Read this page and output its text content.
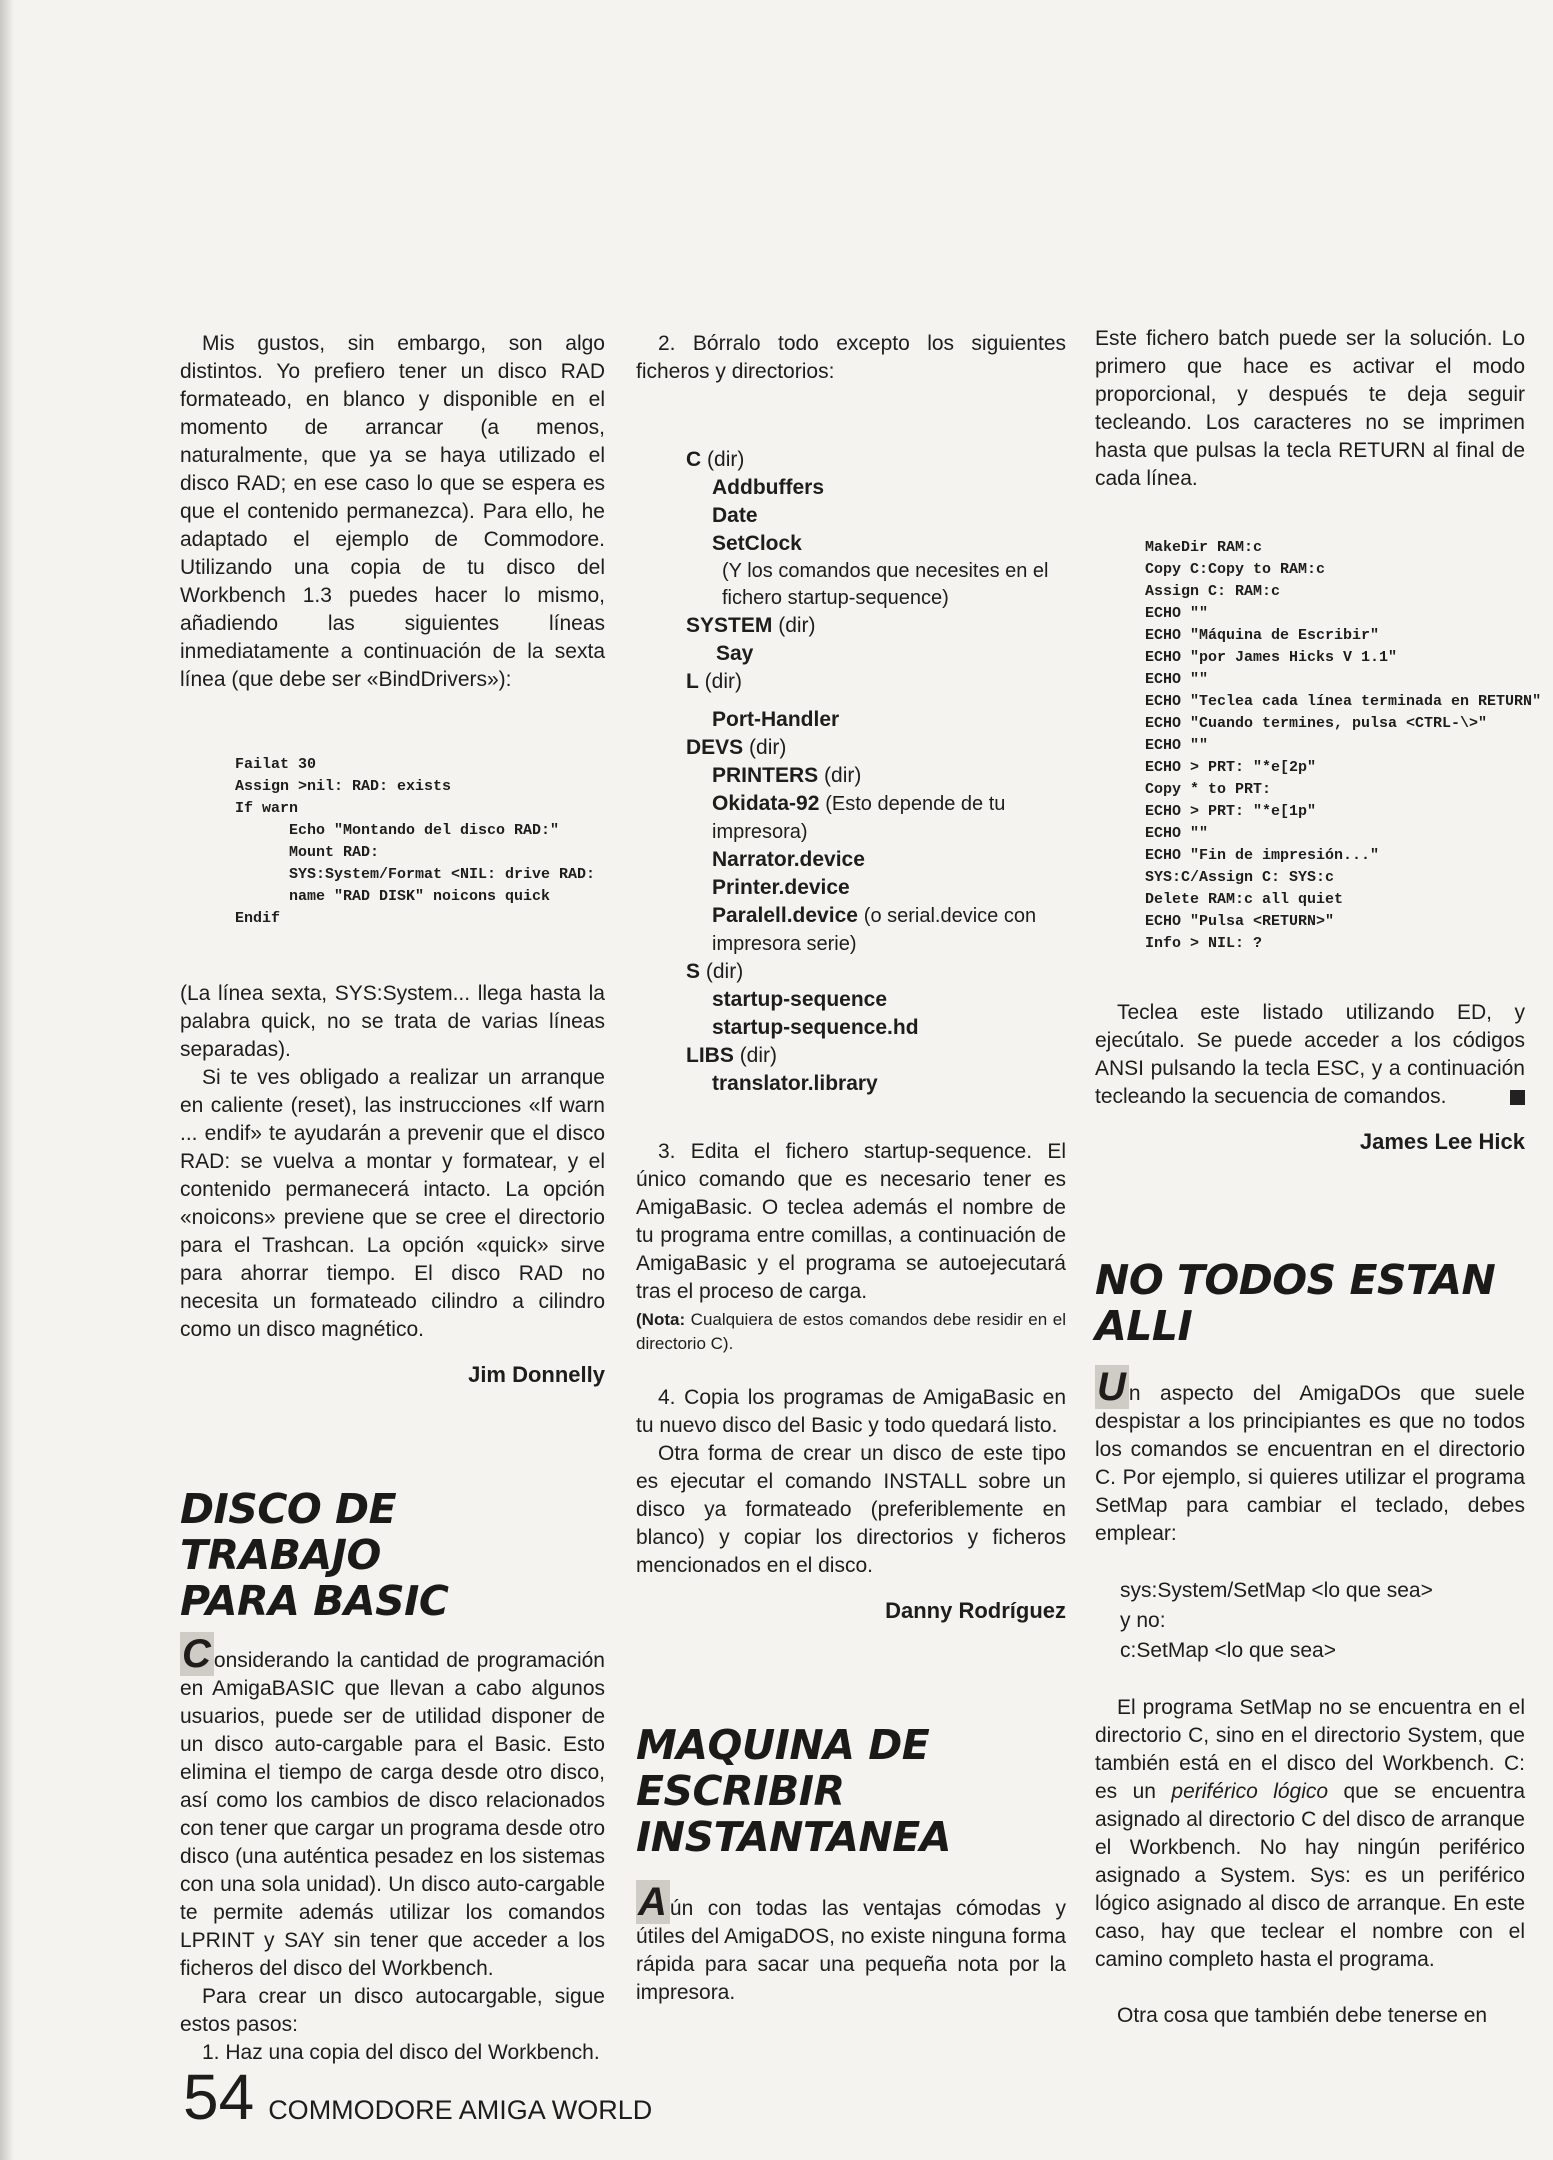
Mis gustos, sin embargo, son algo distintos. Yo prefiero tener un disco RAD formateado, en blanco y disponible en el momento de arrancar (a menos, naturalmente, que ya se haya utilizado el disco RAD; en ese caso lo que se espera es que el contenido permanezca). Para ello, he adaptado el ejemplo de Commodore. Utilizando una copia de tu disco del Workbench 1.3 puedes hacer lo mismo, añadiendo las siguientes líneas inmediatamente a continuación de la sexta línea (que debe ser «BindDrivers»):

Failat 30
Assign >nil: RAD: exists
If warn
Echo "Montando del disco RAD:"
Mount RAD:
SYS:System/Format <NIL: drive RAD:
name "RAD DISK" noicons quick
Endif

(La línea sexta, SYS:System... llega hasta la palabra quick, no se trata de varias líneas separadas).

Si te ves obligado a realizar un arranque en caliente (reset), las instrucciones «If warn ... endif» te ayudarán a prevenir que el disco RAD: se vuelva a montar y formatear, y el contenido permanecerá intacto. La opción «noicons» previene que se cree el directorio para el Trashcan. La opción «quick» sirve para ahorrar tiempo. El disco RAD no necesita un formateado cilindro a cilindro como un disco magnético.

Jim Donnelly
DISCO DE TRABAJO
PARA BASIC

C onsiderando la cantidad de programación en AmigaBASIC que llevan a cabo algunos usuarios, puede ser de utilidad disponer de un disco auto-cargable para el Basic. Esto elimina el tiempo de carga desde otro disco, así como los cambios de disco relacionados con tener que cargar un programa desde otro disco (una auténtica pesadez en los sistemas con una sola unidad). Un disco auto-cargable te permite además utilizar los comandos LPRINT y SAY sin tener que acceder a los ficheros del disco del Workbench.

Para crear un disco autocargable, sigue estos pasos:

1. Haz una copia del disco del Workbench.

2. Bórralo todo excepto los siguientes ficheros y directorios:

C (dir)
Addbuffers
Date
SetClock
(Y los comandos que necesites en el fichero startup-sequence)
SYSTEM (dir)
Say
L (dir)
Port-Handler
DEVS (dir)
PRINTERS (dir)
Okidata-92 (Esto depende de tu impresora)
Narrator.device
Printer.device
Paralell.device (o serial.device con impresora serie)
S (dir)
startup-sequence
startup-sequence.hd
LIBS (dir)
translator.library

3. Edita el fichero startup-sequence. El único comando que es necesario tener es AmigaBasic. O teclea además el nombre de tu programa entre comillas, a continuación de AmigaBasic y el programa se autoejecutará tras el proceso de carga.

(Nota: Cualquiera de estos comandos debe residir en el directorio C).

4. Copia los programas de AmigaBasic en tu nuevo disco del Basic y todo quedará listo.

Otra forma de crear un disco de este tipo es ejecutar el comando INSTALL sobre un disco ya formateado (preferiblemente en blanco) y copiar los directorios y ficheros mencionados en el disco.

Danny Rodríguez
MAQUINA DE
ESCRIBIR
INSTANTANEA

A ún con todas las ventajas cómodas y útiles del AmigaDOS, no existe ninguna forma rápida para sacar una pequeña nota por la impresora.

Este fichero batch puede ser la solución. Lo primero que hace es activar el modo proporcional, y después te deja seguir tecleando. Los caracteres no se imprimen hasta que pulsas la tecla RETURN al final de cada línea.

MakeDir RAM:c
Copy C:Copy to RAM:c
Assign C: RAM:c
ECHO ""
ECHO "Máquina de Escribir"
ECHO "por James Hicks V 1.1"
ECHO ""
ECHO "Teclea cada línea terminada en RETURN"
ECHO "Cuando termines, pulsa <CTRL-\>"
ECHO ""
ECHO > PRT: "*e[2p"
Copy * to PRT:
ECHO > PRT: "*e[1p"
ECHO ""
ECHO "Fin de impresión..."
SYS:C/Assign C: SYS:c
Delete RAM:c all quiet
ECHO "Pulsa <RETURN>"
Info > NIL: ?

Teclea este listado utilizando ED, y ejecútalo. Se puede acceder a los códigos ANSI pulsando la tecla ESC, y a continuación tecleando la secuencia de comandos.

James Lee Hick
NO TODOS ESTAN
ALLI

U n aspecto del AmigaDOs que suele despistar a los principiantes es que no todos los comandos se encuentran en el directorio C. Por ejemplo, si quieres utilizar el programa SetMap para cambiar el teclado, debes emplear:

sys:System/SetMap <lo que sea>
y no:
c:SetMap <lo que sea>

El programa SetMap no se encuentra en el directorio C, sino en el directorio System, que también está en el disco del Workbench. C: es un periférico lógico que se encuentra asignado al directorio C del disco de arranque el Workbench. No hay ningún periférico asignado a System. Sys: es un periférico lógico asignado al disco de arranque. En este caso, hay que teclear el nombre con el camino completo hasta el programa.

Otra cosa que también debe tenerse en

54 COMMODORE AMIGA WORLD
